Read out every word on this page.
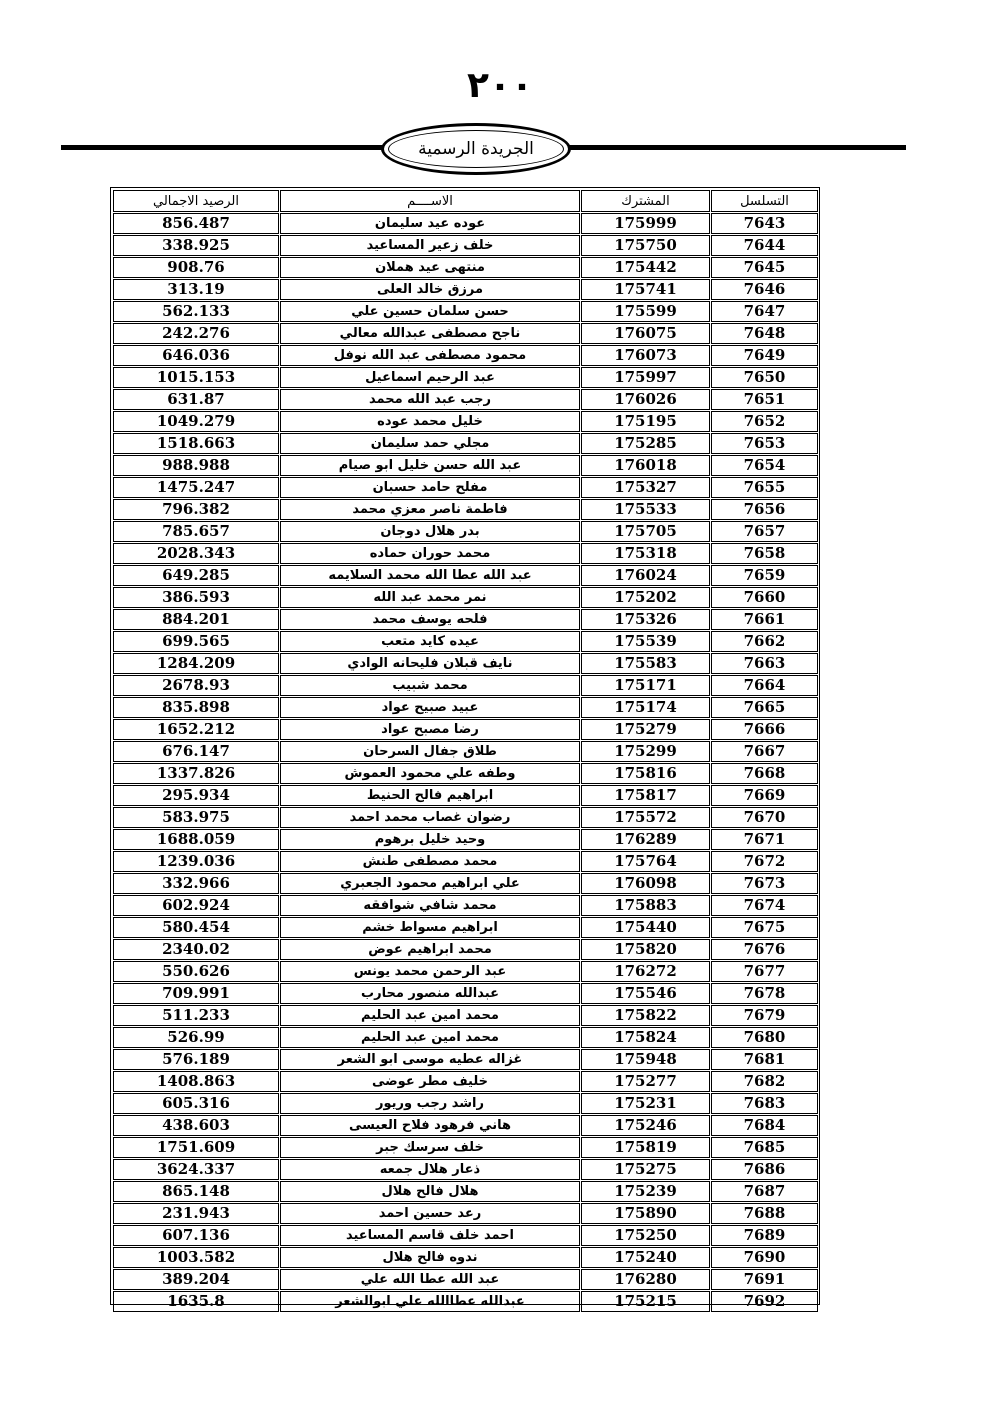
٢٠٠
الجريدة الرسمية
التسلسل	المشترك	الاســــم	الرصيد الاجمالي
7643	175999	عوده عيد سليمان	856.487
7644	175750	خلف زعير المساعيد	338.925
7645	175442	منتهى عيد هملان	908.76
7646	175741	مرزق خالد العلى	313.19
7647	175599	حسن سلمان حسين علي	562.133
7648	176075	ناجح مصطفى عبدالله معالي	242.276
7649	176073	محمود مصطفى عبد الله نوفل	646.036
7650	175997	عبد الرحيم اسماعيل	1015.153
7651	176026	رجب عبد الله محمد	631.87
7652	175195	خليل محمد عوده	1049.279
7653	175285	مجلي حمد سليمان	1518.663
7654	176018	عبد الله حسن خليل ابو صيام	988.988
7655	175327	مفلح حامد حسبان	1475.247
7656	175533	فاطمة ناصر معزي محمد	796.382
7657	175705	بدر هلال دوجان	785.657
7658	175318	محمد حوران حماده	2028.343
7659	176024	عبد الله عطا الله محمد السلايمه	649.285
7660	175202	نمر محمد عبد الله	386.593
7661	175326	فلحه يوسف محمد	884.201
7662	175539	عيده كايد متعب	699.565
7663	175583	نايف قبلان فليحانه الوادي	1284.209
7664	175171	محمد شبيب	2678.93
7665	175174	عبيد صبيح عواد	835.898
7666	175279	رضا مصبح عواد	1652.212
7667	175299	طلاق جفال السرحان	676.147
7668	175816	وطفه علي محمود العموش	1337.826
7669	175817	ابراهيم فالح الحنيط	295.934
7670	175572	رضوان غصاب محمد احمد	583.975
7671	176289	وحيد خليل برهوم	1688.059
7672	175764	محمد مصطفى طنش	1239.036
7673	176098	علي ابراهيم محمود الجعبري	332.966
7674	175883	محمد شافي شوافقه	602.924
7675	175440	ابراهيم مسواط خشم	580.454
7676	175820	محمد ابراهيم عوض	2340.02
7677	176272	عبد الرحمن محمد يونس	550.626
7678	175546	عبدالله منصور محارب	709.991
7679	175822	محمد امين عبد الحليم	511.233
7680	175824	محمد امين عبد الحليم	526.99
7681	175948	غزاله عطيه موسى ابو الشعر	576.189
7682	175277	خليف مطر عوضى	1408.863
7683	175231	راشد رجب وريور	605.316
7684	175246	هاني فرهود فلاح العيسى	438.603
7685	175819	خلف سرسك جبر	1751.609
7686	175275	ذعار هلال جمعه	3624.337
7687	175239	هلال فالح هلال	865.148
7688	175890	رعد حسين احمد	231.943
7689	175250	احمد خلف قاسم المساعيد	607.136
7690	175240	ندوه فالح هلال	1003.582
7691	176280	عبد الله عطا الله علي	389.204
7692	175215	عبدالله عطاالله علي ابوالشعر	1635.8
